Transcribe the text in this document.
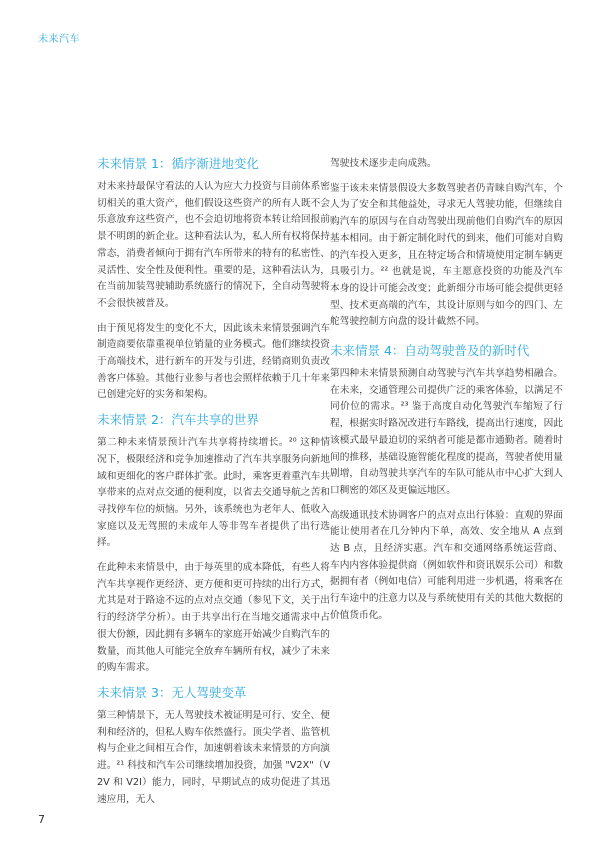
未来汽车
未来情景 1：循序渐进地变化

对未来持最保守看法的人认为应大力投资与目前体系密切相关的重大资产，他们假设这些资产的所有人既不会乐意放弃这些资产，也不会迫切地将资本转让给回报前景不明朗的新企业。这种看法认为，私人所有权将保持常态，消费者倾向于拥有汽车所带来的特有的私密性、灵活性、安全性及便利性。重要的是，这种看法认为，在当前加装驾驶辅助系统盛行的情况下，全自动驾驶将不会很快被普及。

由于预见将发生的变化不大，因此该未来情景强调汽车制造商要依靠重视单位销量的业务模式。他们继续投资于高端技术，进行新车的开发与引进，经销商则负责改善客户体验。其他行业参与者也会照样依赖于几十年来已创建完好的实务和架构。

未来情景 2：汽车共享的世界

第二种未来情景预计汽车共享将持续增长。²⁰ 这种情况下，极限经济和竞争加速推动了汽车共享服务向新地域和更细化的客户群体扩张。此时，乘客更着重汽车共享带来的点对点交通的便利度，以省去交通导航之苦和寻找停车位的烦恼。另外，该系统也为老年人、低收入家庭以及无驾照的未成年人等非驾车者提供了出行选择。

在此种未来情景中，由于每英里的成本降低，有些人将汽车共享视作更经济、更方便和更可持续的出行方式，尤其是对于路途不远的点对点交通（参见下文，关于出行的经济学分析）。由于共享出行在当地交通需求中占很大份额，因此拥有多辆车的家庭开始减少自购汽车的数量，而其他人可能完全放弃车辆所有权，减少了未来的购车需求。

未来情景 3：无人驾驶变革

第三种情景下，无人驾驶技术被证明是可行、安全、便利和经济的，但私人购车依然盛行。顶尖学者、监管机构与企业之间相互合作，加速朝着该未来情景的方向演进。²¹ 科技和汽车公司继续增加投资，加强 "V2X"（V2V 和 V2I）能力，同时，早期试点的成功促进了其迅速应用，无人

驾驶技术逐步走向成熟。

鉴于该未来情景假设大多数驾驶者仍青睐自购汽车，个人为了安全和其他益处，寻求无人驾驶功能，但继续自购汽车的原因与在自动驾驶出现前他们自购汽车的原因基本相同。由于新定制化时代的到来，他们可能对自购的汽车投入更多，且在特定场合和情境使用定制车辆更具吸引力。²² 也就是说，车主愿意投资的功能及汽车本身的设计可能会改变；此新细分市场可能会提供更轻型、技术更高端的汽车，其设计原则与如今的四门、左舵驾驶控制方向盘的设计截然不同。

未来情景 4：自动驾驶普及的新时代

第四种未来情景预测自动驾驶与汽车共享趋势相融合。在未来，交通管理公司提供广泛的乘客体验，以满足不同价位的需求。²³ 鉴于高度自动化驾驶汽车缩短了行程，根据实时路况改进行车路线，提高出行速度，因此该模式最早最迫切的采纳者可能是都市通勤者。随着时间的推移，基础设施智能化程度的提高，驾驶者使用量剧增，自动驾驶共享汽车的车队可能从市中心扩大到人口稠密的郊区及更偏远地区。

高级通讯技术协调客户的点对点出行体验：直观的界面能让使用者在几分钟内下单，高效、安全地从 A 点到达 B 点，且经济实惠。汽车和交通网络系统运营商、车内内容体验提供商（例如软件和资讯娱乐公司）和数据拥有者（例如电信）可能利用进一步机遇，将乘客在行车途中的注意力以及与系统使用有关的其他大数据的价值货币化。

7
